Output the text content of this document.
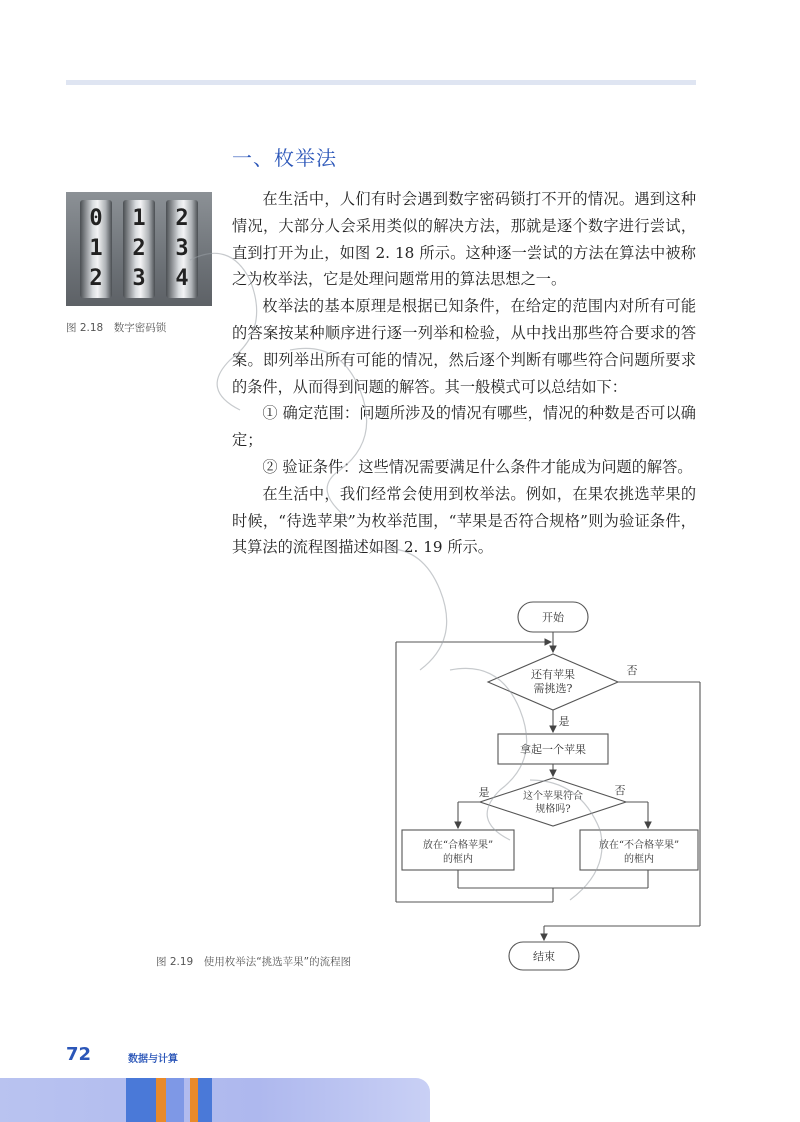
一、枚举法
0
1
2
1
2
3
2
3
4
图 2.18　数字密码锁

在生活中，人们有时会遇到数字密码锁打不开的情况。遇到这种情况，大部分人会采用类似的解决方法，那就是逐个数字进行尝试，直到打开为止，如图 2. 18 所示。这种逐一尝试的方法在算法中被称之为枚举法，它是处理问题常用的算法思想之一。

枚举法的基本原理是根据已知条件，在给定的范围内对所有可能的答案按某种顺序进行逐一列举和检验，从中找出那些符合要求的答案。即列举出所有可能的情况，然后逐个判断有哪些符合问题所要求的条件，从而得到问题的解答。其一般模式可以总结如下：

① 确定范围：问题所涉及的情况有哪些，情况的种数是否可以确定；

② 验证条件：这些情况需要满足什么条件才能成为问题的解答。

在生活中，我们经常会使用到枚举法。例如，在果农挑选苹果的时候，“待选苹果”为枚举范围，“苹果是否符合规格”则为验证条件，其算法的流程图描述如图 2. 19 所示。

开始
还有苹果
需挑选?
否
是
拿起一个苹果
这个苹果符合
规格吗?
是	否
放在“合格苹果”
的框内
放在“不合格苹果”
的框内
结束
图 2.19　使用枚举法“挑选苹果”的流程图
72	数据与计算
